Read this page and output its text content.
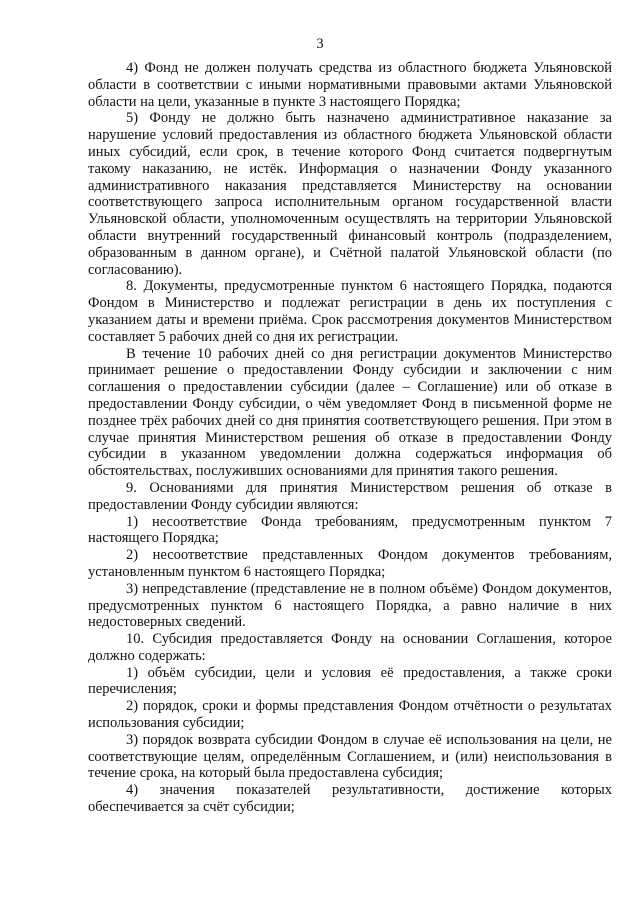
3

4) Фонд не должен получать средства из областного бюджета Ульяновской области в соответствии с иными нормативными правовыми актами Ульяновской области на цели, указанные в пункте 3 настоящего Порядка;

5) Фонду не должно быть назначено административное наказание за нарушение условий предоставления из областного бюджета Ульяновской области иных субсидий, если срок, в течение которого Фонд считается подвергнутым такому наказанию, не истёк. Информация о назначении Фонду указанного административного наказания представляется Министерству на основании соответствующего запроса исполнительным органом государственной власти Ульяновской области, уполномоченным осуществлять на территории Ульяновской области внутренний государственный финансовый контроль (подразделением, образованным в данном органе), и Счётной палатой Ульяновской области (по согласованию).

8. Документы, предусмотренные пунктом 6 настоящего Порядка, подаются Фондом в Министерство и подлежат регистрации в день их поступления с указанием даты и времени приёма. Срок рассмотрения документов Министерством составляет 5 рабочих дней со дня их регистрации.

В течение 10 рабочих дней со дня регистрации документов Министерство принимает решение о предоставлении Фонду субсидии и заключении с ним соглашения о предоставлении субсидии (далее – Соглашение) или об отказе в предоставлении Фонду субсидии, о чём уведомляет Фонд в письменной форме не позднее трёх рабочих дней со дня принятия соответствующего решения. При этом в случае принятия Министерством решения об отказе в предоставлении Фонду субсидии в указанном уведомлении должна содержаться информация об обстоятельствах, послуживших основаниями для принятия такого решения.

9. Основаниями для принятия Министерством решения об отказе в предоставлении Фонду субсидии являются:

1) несоответствие Фонда требованиям, предусмотренным пунктом 7 настоящего Порядка;

2) несоответствие представленных Фондом документов требованиям, установленным пунктом 6 настоящего Порядка;

3) непредставление (представление не в полном объёме) Фондом документов, предусмотренных пунктом 6 настоящего Порядка, а равно наличие в них недостоверных сведений.

10. Субсидия предоставляется Фонду на основании Соглашения, которое должно содержать:

1) объём субсидии, цели и условия её предоставления, а также сроки перечисления;

2) порядок, сроки и формы представления Фондом отчётности о результатах использования субсидии;

3) порядок возврата субсидии Фондом в случае её использования на цели, не соответствующие целям, определённым Соглашением, и (или) неиспользования в течение срока, на который была предоставлена субсидия;

4) значения показателей результативности, достижение которых обеспечивается за счёт субсидии;
